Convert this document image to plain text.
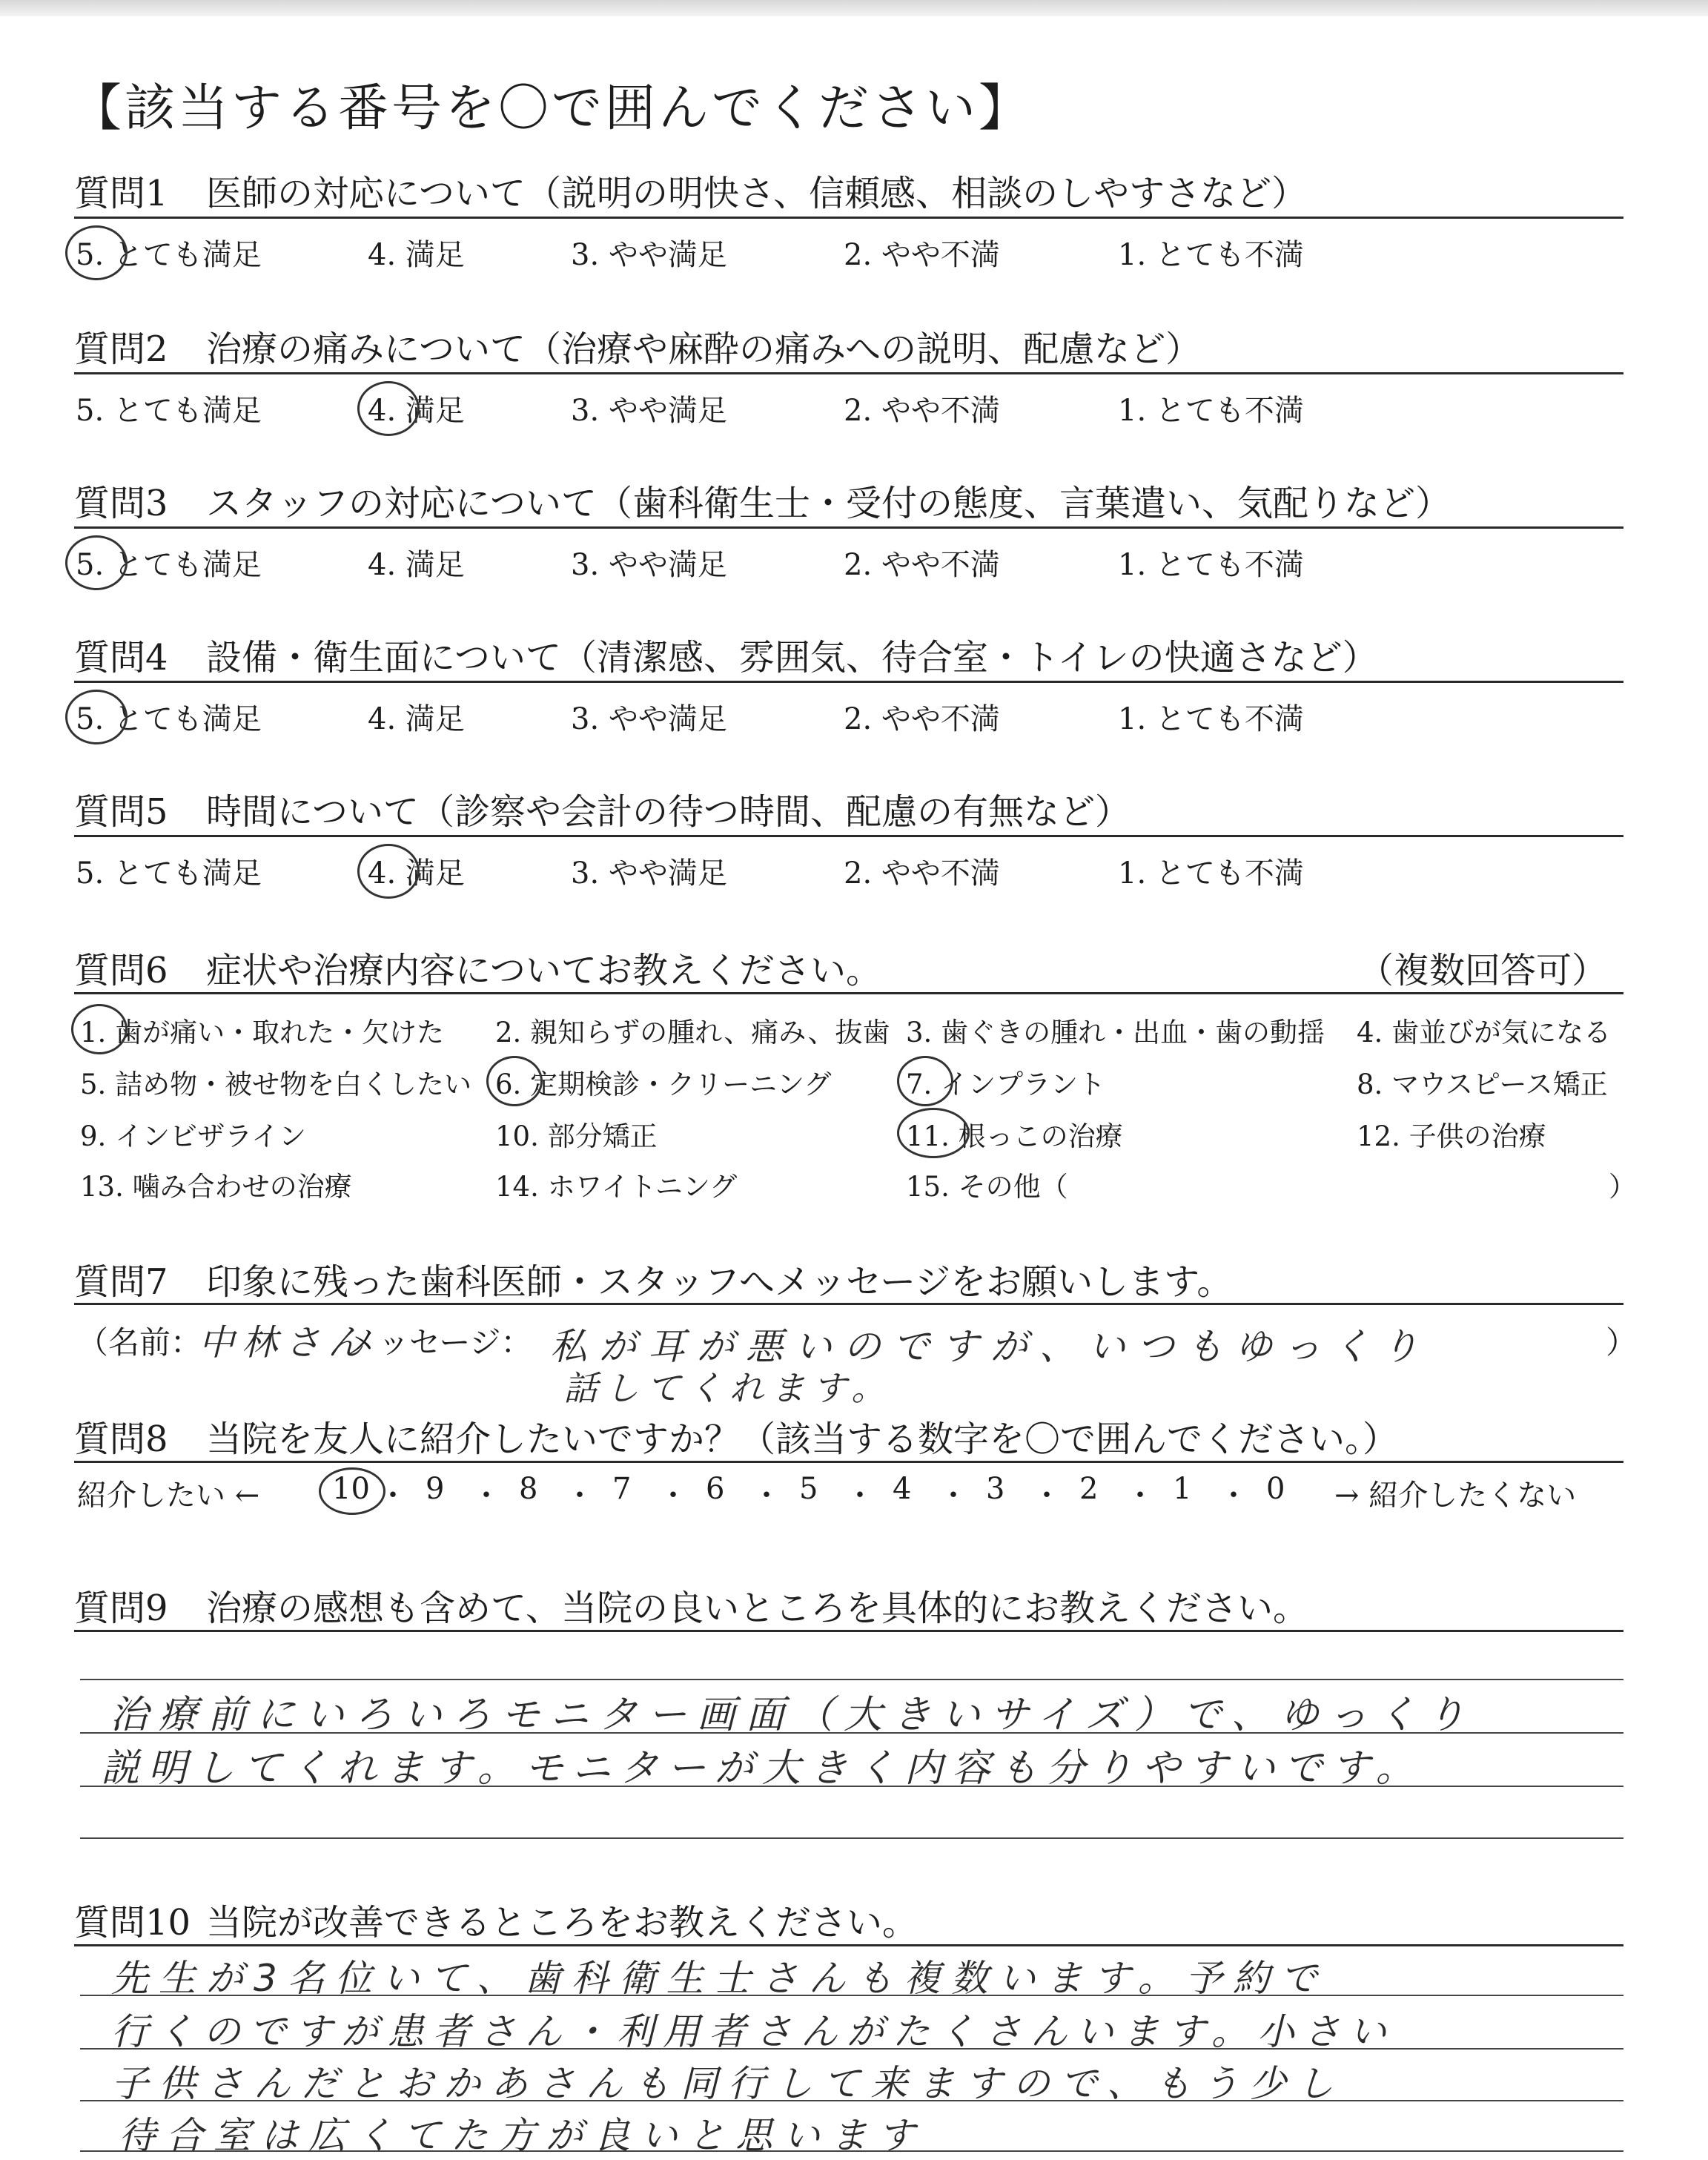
【該当する番号を〇で囲んでください】
質問1 医師の対応について（説明の明快さ、信頼感、相談のしやすさなど）
5. とても満足	4. 満足	3. やや満足	2. やや不満	1. とても不満
質問2 治療の痛みについて（治療や麻酔の痛みへの説明、配慮など）
5. とても満足	4. 満足	3. やや満足	2. やや不満	1. とても不満
質問3 スタッフの対応について（歯科衛生士・受付の態度、言葉遣い、気配りなど）
5. とても満足	4. 満足	3. やや満足	2. やや不満	1. とても不満
質問4 設備・衛生面について（清潔感、雰囲気、待合室・トイレの快適さなど）
5. とても満足	4. 満足	3. やや満足	2. やや不満	1. とても不満
質問5 時間について（診察や会計の待つ時間、配慮の有無など）
5. とても満足	4. 満足	3. やや満足	2. やや不満	1. とても不満
質問6 症状や治療内容についてお教えください。	（複数回答可）
1. 歯が痛い・取れた・欠けた 2. 親知らずの腫れ、痛み、抜歯 3. 歯ぐきの腫れ・出血・歯の動揺 4. 歯並びが気になる
5. 詰め物・被せ物を白くしたい 6. 定期検診・クリーニング	7. インプラント	8. マウスピース矯正
9. インビザライン	10. 部分矯正	11. 根っこの治療	12. 子供の治療
13. 噛み合わせの治療	14. ホワイトニング	15. その他（	）
質問7 印象に残った歯科医師・スタッフへメッセージをお願いします。
（名前：
中林さん
メッセージ： 私が耳が悪いのですが、いつもゆっくり	）
話してくれます。
質問8 当院を友人に紹介したいですか？（該当する数字を〇で囲んでください。）
紹介したい ←	→ 紹介したくない
10 ・ 9 ・ 8 ・ 7 ・ 6 ・ 5 ・ 4 ・ 3 ・ 2 ・ 1 ・ 0
質問9 治療の感想も含めて、当院の良いところを具体的にお教えください。
治療前にいろいろモニター画面（大きいサイズ）で、ゆっくり
説明してくれます。モニターが大きく内容も分りやすいです。
質問10 当院が改善できるところをお教えください。
先生が3名位いて、歯科衛生士さんも複数います。予約で
行くのですが患者さん・利用者さんがたくさんいます。小さい
子供さんだとおかあさんも同行して来ますので、もう少し
待合室は広くてた方が良いと思います
